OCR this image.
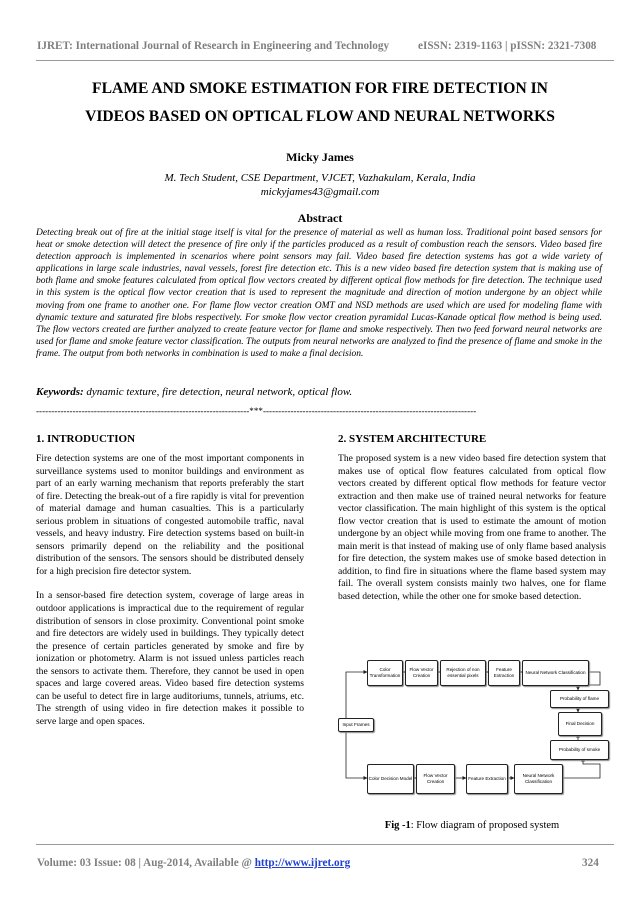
IJRET: International Journal of Research in Engineering and Technology	eISSN: 2319-1163 | pISSN: 2321-7308
FLAME AND SMOKE ESTIMATION FOR FIRE DETECTION IN
VIDEOS BASED ON OPTICAL FLOW AND NEURAL NETWORKS
Micky James
M. Tech Student, CSE Department, VJCET, Vazhakulam, Kerala, India
mickyjames43@gmail.com
Abstract
Detecting break out of fire at the initial stage itself is vital for the presence of material as well as human loss. Traditional point based sensors for heat or smoke detection will detect the presence of fire only if the particles produced as a result of combustion reach the sensors. Video based fire detection approach is implemented in scenarios where point sensors may fail. Video based fire detection systems has got a wide variety of applications in large scale industries, naval vessels, forest fire detection etc. This is a new video based fire detection system that is making use of both flame and smoke features calculated from optical flow vectors created by different optical flow methods for fire detection. The technique used in this system is the optical flow vector creation that is used to represent the magnitude and direction of motion undergone by an object while moving from one frame to another one. For flame flow vector creation OMT and NSD methods are used which are used for modeling flame with dynamic texture and saturated fire blobs respectively. For smoke flow vector creation pyramidal Lucas-Kanade optical flow method is being used. The flow vectors created are further analyzed to create feature vector for flame and smoke respectively. Then two feed forward neural networks are used for flame and smoke feature vector classification. The outputs from neural networks are analyzed to find the presence of flame and smoke in the frame. The output from both networks in combination is used to make a final decision.
Keywords: dynamic texture, fire detection, neural network, optical flow.
----------------------------------------------------------------------***----------------------------------------------------------------------
1. INTRODUCTION

Fire detection systems are one of the most important components in surveillance systems used to monitor buildings and environment as part of an early warning mechanism that reports preferably the start of fire. Detecting the break-out of a fire rapidly is vital for prevention of material damage and human casualties. This is a particularly serious problem in situations of congested automobile traffic, naval vessels, and heavy industry. Fire detection systems based on built-in sensors primarily depend on the reliability and the positional distribution of the sensors. The sensors should be distributed densely for a high precision fire detector system.

In a sensor-based fire detection system, coverage of large areas in outdoor applications is impractical due to the requirement of regular distribution of sensors in close proximity. Conventional point smoke and fire detectors are widely used in buildings. They typically detect the presence of certain particles generated by smoke and fire by ionization or photometry. Alarm is not issued unless particles reach the sensors to activate them. Therefore, they cannot be used in open spaces and large covered areas. Video based fire detection systems can be useful to detect fire in large auditoriums, tunnels, atriums, etc. The strength of using video in fire detection makes it possible to serve large and open spaces.

2. SYSTEM ARCHITECTURE

The proposed system is a new video based fire detection system that makes use of optical flow features calculated from optical flow vectors created by different optical flow methods for feature vector extraction and then make use of trained neural networks for feature vector classification. The main highlight of this system is the optical flow vector creation that is used to estimate the amount of motion undergone by an object while moving from one frame to another. The main merit is that instead of making use of only flame based analysis for fire detection, the system makes use of smoke based detection in addition, to find fire in situations where the flame based system may fail. The overall system consists mainly two halves, one for flame based detection, while the other one for smoke based detection.

Color Transformation
Flow Vector Creation
Rejection of non essential pixels
Feature Extraction
Neural Network Classification
Input Frames
Probability of flame
Final Decision
Probability of smoke
Color Decision Model
Flow Vector Creation
Feature Extraction
Neural Network Classification
Fig -1: Flow diagram of proposed system
Volume: 03 Issue: 08 | Aug-2014, Available @ http://www.ijret.org	324
